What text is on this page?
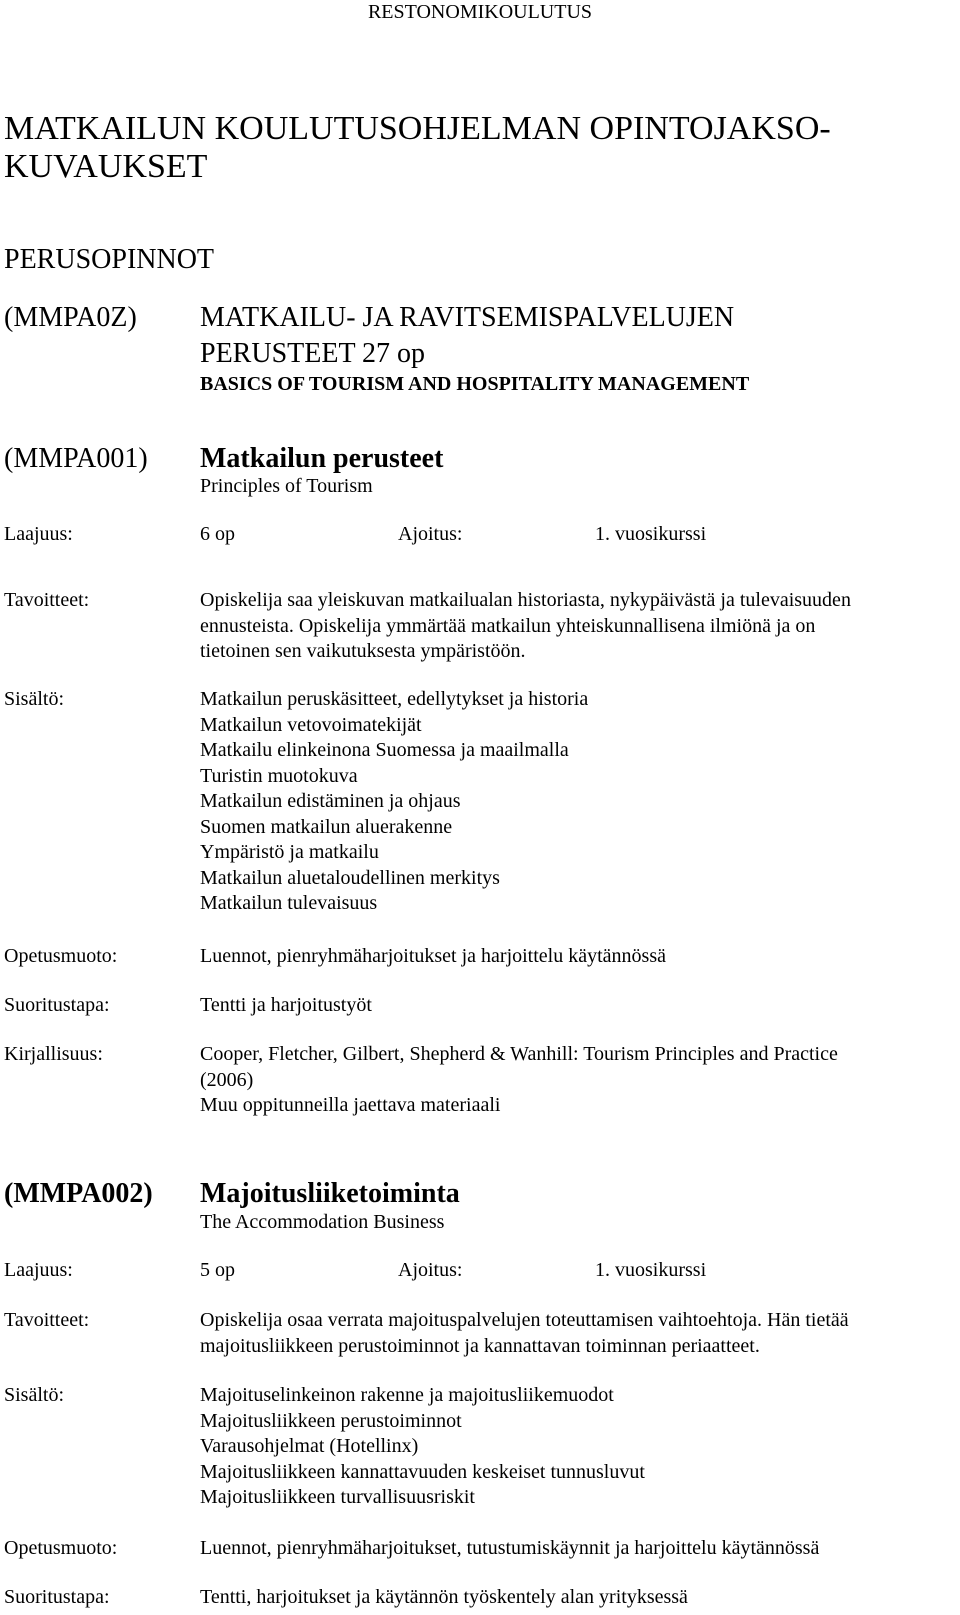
RESTONOMIKOULUTUS
MATKAILUN KOULUTUSOHJELMAN OPINTOJAKSO-
KUVAUKSET
PERUSOPINNOT
(MMPA0Z) MATKAILU- JA RAVITSEMISPALVELUJEN
PERUSTEET 27 op
BASICS OF TOURISM AND HOSPITALITY MANAGEMENT
(MMPA001) Matkailun perusteet
Principles of Tourism
Laajuus:	6 op	Ajoitus:	1. vuosikurssi
Tavoitteet:	Opiskelija saa yleiskuvan matkailualan historiasta, nykypäivästä ja tulevaisuuden
ennusteista. Opiskelija ymmärtää matkailun yhteiskunnallisena ilmiönä ja on
tietoinen sen vaikutuksesta ympäristöön.
Sisältö:	Matkailun peruskäsitteet, edellytykset ja historia
Matkailun vetovoimatekijät
Matkailu elinkeinona Suomessa ja maailmalla
Turistin muotokuva
Matkailun edistäminen ja ohjaus
Suomen matkailun aluerakenne
Ympäristö ja matkailu
Matkailun aluetaloudellinen merkitys
Matkailun tulevaisuus
Opetusmuoto:	Luennot, pienryhmäharjoitukset ja harjoittelu käytännössä
Suoritustapa:	Tentti ja harjoitustyöt
Kirjallisuus:	Cooper, Fletcher, Gilbert, Shepherd & Wanhill: Tourism Principles and Practice
(2006)
Muu oppitunneilla jaettava materiaali
(MMPA002) Majoitusliiketoiminta
The Accommodation Business
Laajuus:	5 op	Ajoitus:	1. vuosikurssi
Tavoitteet:	Opiskelija osaa verrata majoituspalvelujen toteuttamisen vaihtoehtoja. Hän tietää
majoitusliikkeen perustoiminnot ja kannattavan toiminnan periaatteet.
Sisältö:	Majoituselinkeinon rakenne ja majoitusliikemuodot
Majoitusliikkeen perustoiminnot
Varausohjelmat (Hotellinx)
Majoitusliikkeen kannattavuuden keskeiset tunnusluvut
Majoitusliikkeen turvallisuusriskit
Opetusmuoto:	Luennot, pienryhmäharjoitukset, tutustumiskäynnit ja harjoittelu käytännössä
Suoritustapa:	Tentti, harjoitukset ja käytännön työskentely alan yrityksessä
